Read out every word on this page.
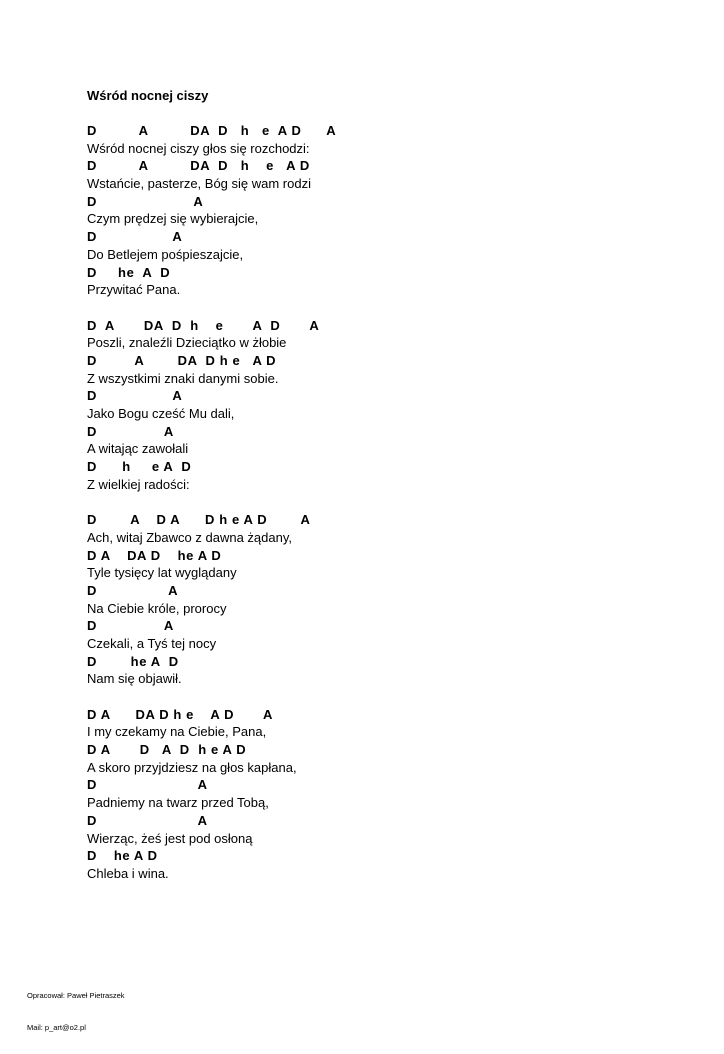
Wśród nocnej ciszy
D          A          DA  D   h   e  A D      A
Wśród nocnej ciszy głos się rozchodzi:
D          A          DA  D   h    e   A D
Wstańcie, pasterze, Bóg się wam rodzi
D                       A
Czym prędzej się wybierajcie,
D                  A
Do Betlejem pośpieszajcie,
D     he  A  D
Przywitać Pana.
D  A       DA  D  h    e       A  D       A
Poszli, znaleźli Dzieciątko w żłobie
D         A        DA  D h e   A D
Z wszystkimi znaki danymi sobie.
D                  A
Jako Bogu cześć Mu dali,
D                A
A witając zawołali
D      h     e A  D
Z wielkiej radości:
D        A    D A      D h e A D        A
Ach, witaj Zbawco z dawna żądany,
D A    DA D    he A D
Tyle tysięcy lat wyglądany
D                 A
Na Ciebie króle, prorocy
D                A
Czekali, a Tyś tej nocy
D        he A  D
Nam się objawił.
D A      DA D h e    A D       A
I my czekamy na Ciebie, Pana,
D A       D   A  D  h e A D
A skoro przyjdziesz na głos kapłana,
D                        A
Padniemy na twarz przed Tobą,
D                        A
Wierząc, żeś jest pod osłoną
D    he A D
Chleba i wina.

Opracował: Paweł Pietraszek

Mail: p_art@o2.pl
